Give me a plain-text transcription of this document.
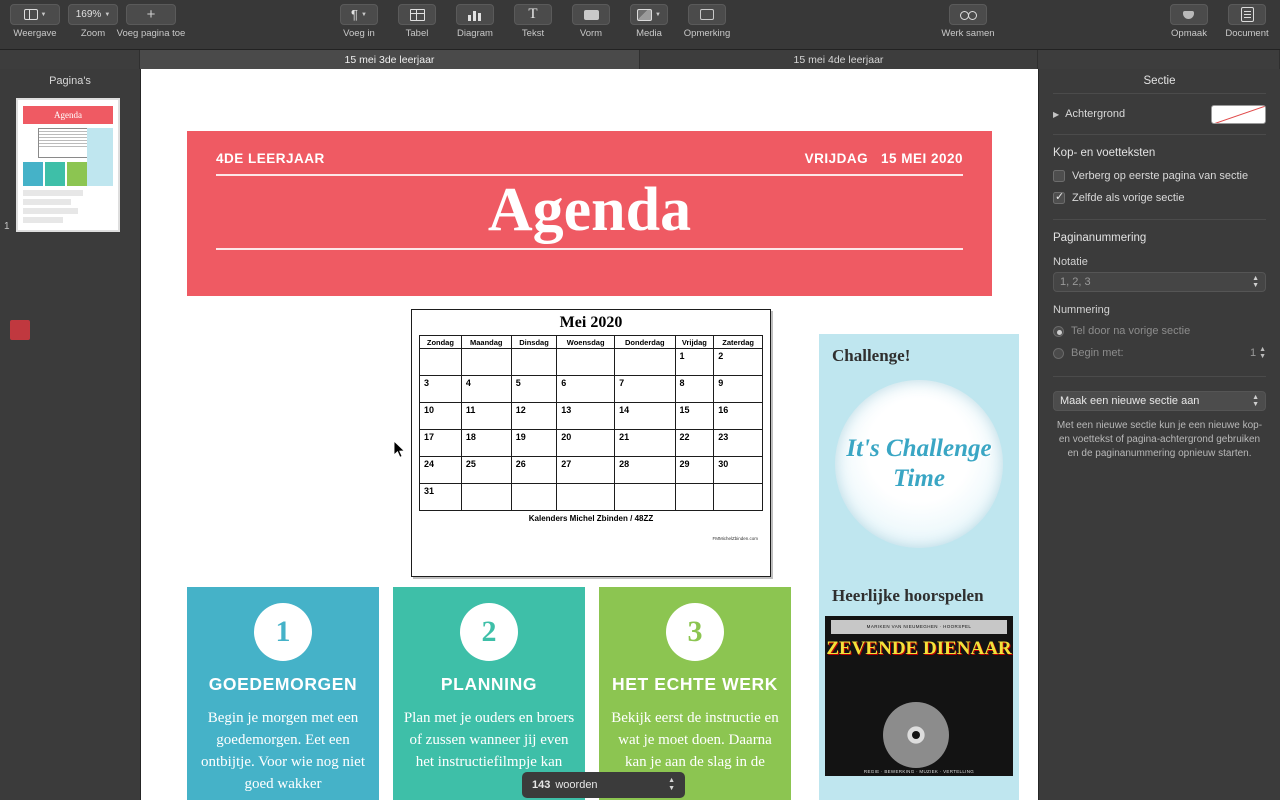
▼
Weergave
169% ▼
Zoom
+
Voeg pagina toe
¶ ▼
Voeg in	Tabel	Diagram
T
Tekst	Vorm
▼
Media Opmerking	Werk samen	Opmaak Document
15 mei 3de leerjaar	15 mei 4de leerjaar
Pagina's
Agenda
1
4DE LEERJAAR	VRIJDAG 15 MEI 2020
Agenda
Mei 2020
Zondag	Maandag	Dinsdag	Woensdag	Donderdag	Vrijdag	Zaterdag
					1	2
3	4	5	6	7	8	9
10	11	12	13	14	15	16
17	18	19	20	21	22	23
24	25	26	27	28	29	30
31						
Kalenders Michel Zbinden / 48ZZ
FMMichelZbinden.com
1
GOEDEMORGEN

Begin je morgen met een goedemorgen. Eet een ontbijtje. Voor wie nog niet goed wakker

2
PLANNING

Plan met je ouders en broers of zussen wanneer jij even het instructiefilmpje kan

3
HET ECHTE WERK

Bekijk eerst de instructie en wat je moet doen. Daarna kan je aan de slag in de

Challenge!
It's Challenge Time
Heerlijke hoorspelen
MARIKEN VAN NIEUMEGHEN · HOORSPEL
ZEVENDE DIENAAR
REGIE · BEWERKING · MUZIEK · VERTELLING
143 woorden	▲
▼
Sectie
▶ Achtergrond
Kop- en voetteksten
Verberg op eerste pagina van sectie
✓
Zelfde als vorige sectie
Paginanummering
Notatie
1, 2, 3	▲
▼
Nummering
Tel door na vorige sectie
Begin met:	1 ▲
▼
Maak een nieuwe sectie aan	▲
▼
Met een nieuwe sectie kun je een nieuwe kop- en voettekst of pagina-achtergrond gebruiken en de paginanummering opnieuw starten.
